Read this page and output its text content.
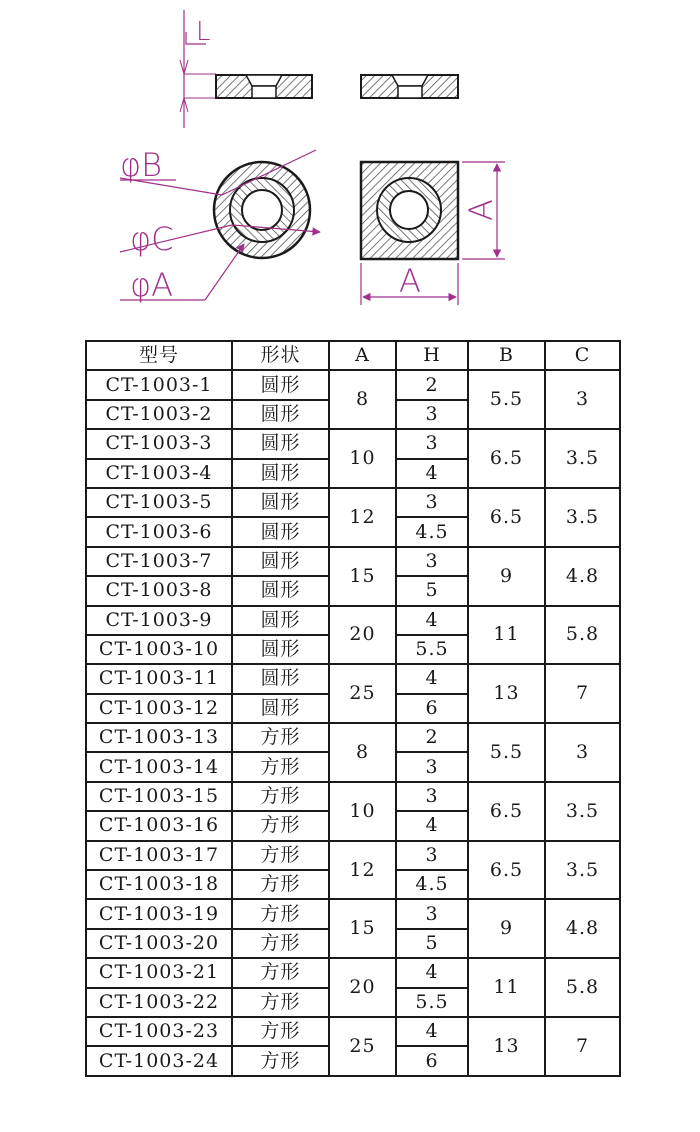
L
φB
φC
φA
A
A
L
型号	形状	A	H	B	C
CT-1003-1	圆形	8	2	5.5	3
CT-1003-2	圆形		3		
CT-1003-3	圆形	10	3	6.5	3.5
CT-1003-4	圆形		4		
CT-1003-5	圆形	12	3	6.5	3.5
CT-1003-6	圆形		4.5		
CT-1003-7	圆形	15	3	9	4.8
CT-1003-8	圆形		5		
CT-1003-9	圆形	20	4	11	5.8
CT-1003-10	圆形		5.5		
CT-1003-11	圆形	25	4	13	7
CT-1003-12	圆形		6		
CT-1003-13	方形	8	2	5.5	3
CT-1003-14	方形		3		
CT-1003-15	方形	10	3	6.5	3.5
CT-1003-16	方形		4		
CT-1003-17	方形	12	3	6.5	3.5
CT-1003-18	方形		4.5		
CT-1003-19	方形	15	3	9	4.8
CT-1003-20	方形		5		
CT-1003-21	方形	20	4	11	5.8
CT-1003-22	方形		5.5		
CT-1003-23	方形	25	4	13	7
CT-1003-24	方形		6		
